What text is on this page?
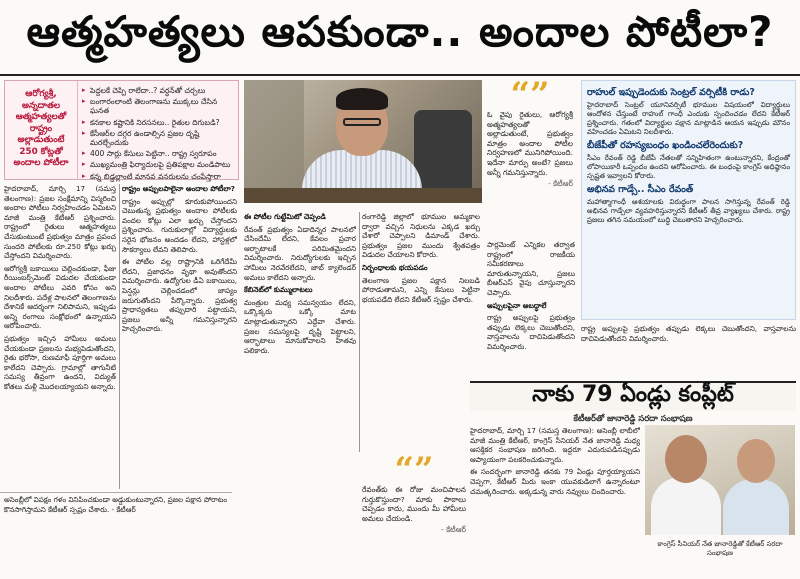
ఆత్మహత్యలు ఆపకుండా.. అందాల పోటీలా?
ఆరోగ్యశ్రీ, అన్నదాతల ఆత్మహత్యలతో రాష్ట్రం అల్లాడుతుంటే 250 కోట్లతో అందాల పోటీలా
▸ పెద్దలకే చెప్పి రాలేదా..? వర్ధన్‌తో చర్చలు
▸ బంగారంలాంటి తెలంగాణను ముక్కలు చేసిన ఘనత
▸ కనకాల కష్టానికి నిరసనలు.. రైతుల దిగుబడి?
▸ కేసీఆర్‌ల దగ్గర ఉండాల్సిన ప్రజల దృష్టి మరల్చేందుకు
▸ 400 సార్లు కేసులు పెట్టినా.. రాష్ట్ర స్వరూపం
▸ ముఖ్యమంత్రి ఫిర్యాదులపై ప్రతిపక్షాల మండిపాటు
▸ కన్న బిడ్డల్లాంటి మానవ వనరులను చంపేస్తారా

హైదరాబాద్‌, మార్చి 17 (సమస్త తెలంగాణ): ప్రజల సంక్షేమాన్ని విస్మరించి అందాల పోటీలు నిర్వహించడం ఏమిటని మాజీ మంత్రి కేటీఆర్ ప్రశ్నించారు. రాష్ట్రంలో రైతులు ఆత్మహత్యలు చేసుకుంటుంటే ప్రభుత్వం మాత్రం ప్రపంచ సుందరి పోటీలకు రూ.250 కోట్లు ఖర్చు చేస్తోందని విమర్శించారు.

ఆరోగ్యశ్రీ బకాయిలు చెల్లించకుండా, ఫీజు రీయింబర్స్‌మెంట్ విడుదల చేయకుండా అందాల పోటీలు ఎవరి కోసం అని నిలదీశారు. పదేళ్ల పాలనలో తెలంగాణను దేశానికే ఆదర్శంగా నిలిపామని, ఇప్పుడు అన్ని రంగాలు సంక్షోభంలో ఉన్నాయని ఆరోపించారు.

ప్రభుత్వం ఇచ్చిన హామీలు అమలు చేయకుండా ప్రజలను మభ్యపెడుతోందని, రైతు భరోసా, రుణమాఫీ పూర్తిగా అమలు కాలేదని చెప్పారు. గ్రామాల్లో తాగునీటి సమస్య తీవ్రంగా ఉందని, విద్యుత్ కోతలు మళ్లీ మొదలయ్యాయని అన్నారు.

రాష్ట్రం అప్పులపాలైనా అందాల పోటీలా?

రాష్ట్రం అప్పుల్లో కూరుకుపోయిందని చెబుతున్న ప్రభుత్వం అందాల పోటీలకు వందల కోట్లు ఎలా ఖర్చు చేస్తోందని ప్రశ్నించారు. గురుకులాల్లో విద్యార్థులకు సరైన భోజనం అందడం లేదని, హాస్టళ్లలో సౌకర్యాలు లేవని తెలిపారు.

ఈ పోటీల వల్ల రాష్ట్రానికి ఒరిగేదేమీ లేదని, ప్రజాధనం వృథా అవుతోందని విమర్శించారు. ఉద్యోగుల డీఏ బకాయిలు, పెన్షన్లు చెల్లించడంలో జాప్యం జరుగుతోందని పేర్కొన్నారు. ప్రభుత్వ ప్రాధాన్యతలు తప్పుదారి పట్టాయని, ప్రజలు అన్నీ గమనిస్తున్నారని హెచ్చరించారు.

అసెంబ్లీలో విపక్షం గళం వినిపించకుండా అడ్డుకుంటున్నారని, ప్రజల పక్షాన పోరాటం కొనసాగిస్తామని కేటీఆర్ స్పష్టం చేశారు. - కేటీఆర్

ఈ పోటీల గుట్టేమిటో చెప్పండి

రేవంత్ ప్రభుత్వం ఏడాదిన్నర పాలనలో చేసిందేమీ లేదని, కేవలం ప్రచార ఆర్భాటాలకే పరిమితమైందని విమర్శించారు. నిరుద్యోగులకు ఇచ్చిన హామీలు నెరవేరలేదని, జాబ్ క్యాలెండర్ అమలు కాలేదని అన్నారు.

కేబినెట్‌లో కుమ్ములాటలు

మంత్రుల మధ్య సమన్వయం లేదని, ఒక్కొక్కరు ఒక్కో మాట మాట్లాడుతున్నారని ఎద్దేవా చేశారు. ప్రజల సమస్యలపై దృష్టి పెట్టాలని, ఆర్భాటాలు మానుకోవాలని హితవు పలికారు.

రంగారెడ్డి జిల్లాలో భూముల అమ్మకాల ద్వారా వచ్చిన నిధులను ఎక్కడ ఖర్చు చేశారో చెప్పాలని డిమాండ్ చేశారు. ప్రభుత్వం ప్రజల ముందు శ్వేతపత్రం విడుదల చేయాలని కోరారు.

నిర్బంధాలకు భయపడం

తెలంగాణ ప్రజల పక్షాన నిలబడి పోరాడుతామని, ఎన్ని కేసులు పెట్టినా భయపడేది లేదని కేటీఆర్ స్పష్టం చేశారు.

“”
ఓ వైపు రైతులు, ఆరోగ్యశ్రీ అత్మహత్యలతో అల్లాడుతుంటే, ప్రభుత్వం మాత్రం అందాల పోటీల నిర్వహణలో మునిగిపోయింది. ఇదేనా మార్పు అంటే? ప్రజలు అన్నీ గమనిస్తున్నారు.
- కేటీఆర్
రాహుల్ ఇప్పుడెందుకు సెంట్రల్ వర్సిటీకి రాడు?

హైదరాబాద్ సెంట్రల్ యూనివర్సిటీ భూముల విషయంలో విద్యార్థులు ఆందోళన చేస్తుంటే రాహుల్ గాంధీ ఎందుకు స్పందించడం లేదని కేటీఆర్ ప్రశ్నించారు. గతంలో విద్యార్థుల పక్షాన మాట్లాడిన ఆయన ఇప్పుడు మౌనం వహించడం ఏమిటని నిలదీశారు.

బీజేపీతో రహస్యబంధం ఖండించలేరెందుకు?

సీఎం రేవంత్ రెడ్డి బీజేపీ నేతలతో సన్నిహితంగా ఉంటున్నారని, కేంద్రంతో లోపాయికారీ ఒప్పందం ఉందని ఆరోపించారు. ఈ బంధంపై కాంగ్రెస్ అధిష్ఠానం స్పష్టత ఇవ్వాలని కోరారు.

అభినవ గాడ్సే.. సీఎం రేవంత్

మహాత్మాగాంధీ ఆశయాలకు విరుద్ధంగా పాలన సాగిస్తున్న రేవంత్ రెడ్డి అభినవ గాడ్సేలా వ్యవహరిస్తున్నారని కేటీఆర్ తీవ్ర వ్యాఖ్యలు చేశారు. రాష్ట్ర ప్రజలు తగిన సమయంలో బుద్ధి చెబుతారని హెచ్చరించారు.

పార్లమెంట్ ఎన్నికల తర్వాత రాష్ట్రంలో రాజకీయ సమీకరణాలు మారుతున్నాయని, ప్రజలు బీఆర్ఎస్ వైపు చూస్తున్నారని చెప్పారు.

అప్పులపైనా అబద్ధాలే

రాష్ట్ర అప్పులపై ప్రభుత్వం తప్పుడు లెక్కలు చెబుతోందని, వాస్తవాలను దాచిపెడుతోందని విమర్శించారు.

రాష్ట్ర అప్పులపై ప్రభుత్వం తప్పుడు లెక్కలు చెబుతోందని, వాస్తవాలను దాచిపెడుతోందని విమర్శించారు.

నాకు 79 ఏండ్లు కంప్లీట్
కేటీఆర్‌తో జానారెడ్డి సరదా సంభాషణ

హైదరాబాద్‌, మార్చి 17 (సమస్త తెలంగాణ): అసెంబ్లీ లాబీలో మాజీ మంత్రి కేటీఆర్, కాంగ్రెస్ సీనియర్ నేత జానారెడ్డి మధ్య ఆసక్తికర సంభాషణ జరిగింది. ఇద్దరూ ఎదురుపడినప్పుడు ఆప్యాయంగా పలకరించుకున్నారు.

ఈ సందర్భంగా జానారెడ్డి తనకు 79 ఏండ్లు పూర్తయ్యాయని చెప్పగా, కేటీఆర్ మీరు ఇంకా యువకుడిలాగే ఉన్నారంటూ చమత్కరించారు. అక్కడున్న వారు నవ్వులు చిందించారు.

కాంగ్రెస్ సీనియర్ నేత జానారెడ్డితో కేటీఆర్ సరదా సంభాషణ
“”
రేవంత్‌కు ఈ రోజు మంచిపాలన గుర్తుకొస్తుందా? మాకు పాఠాలు చెప్పడం కాదు, ముందు మీ హామీలు అమలు చేయండి.
- కేటీఆర్
